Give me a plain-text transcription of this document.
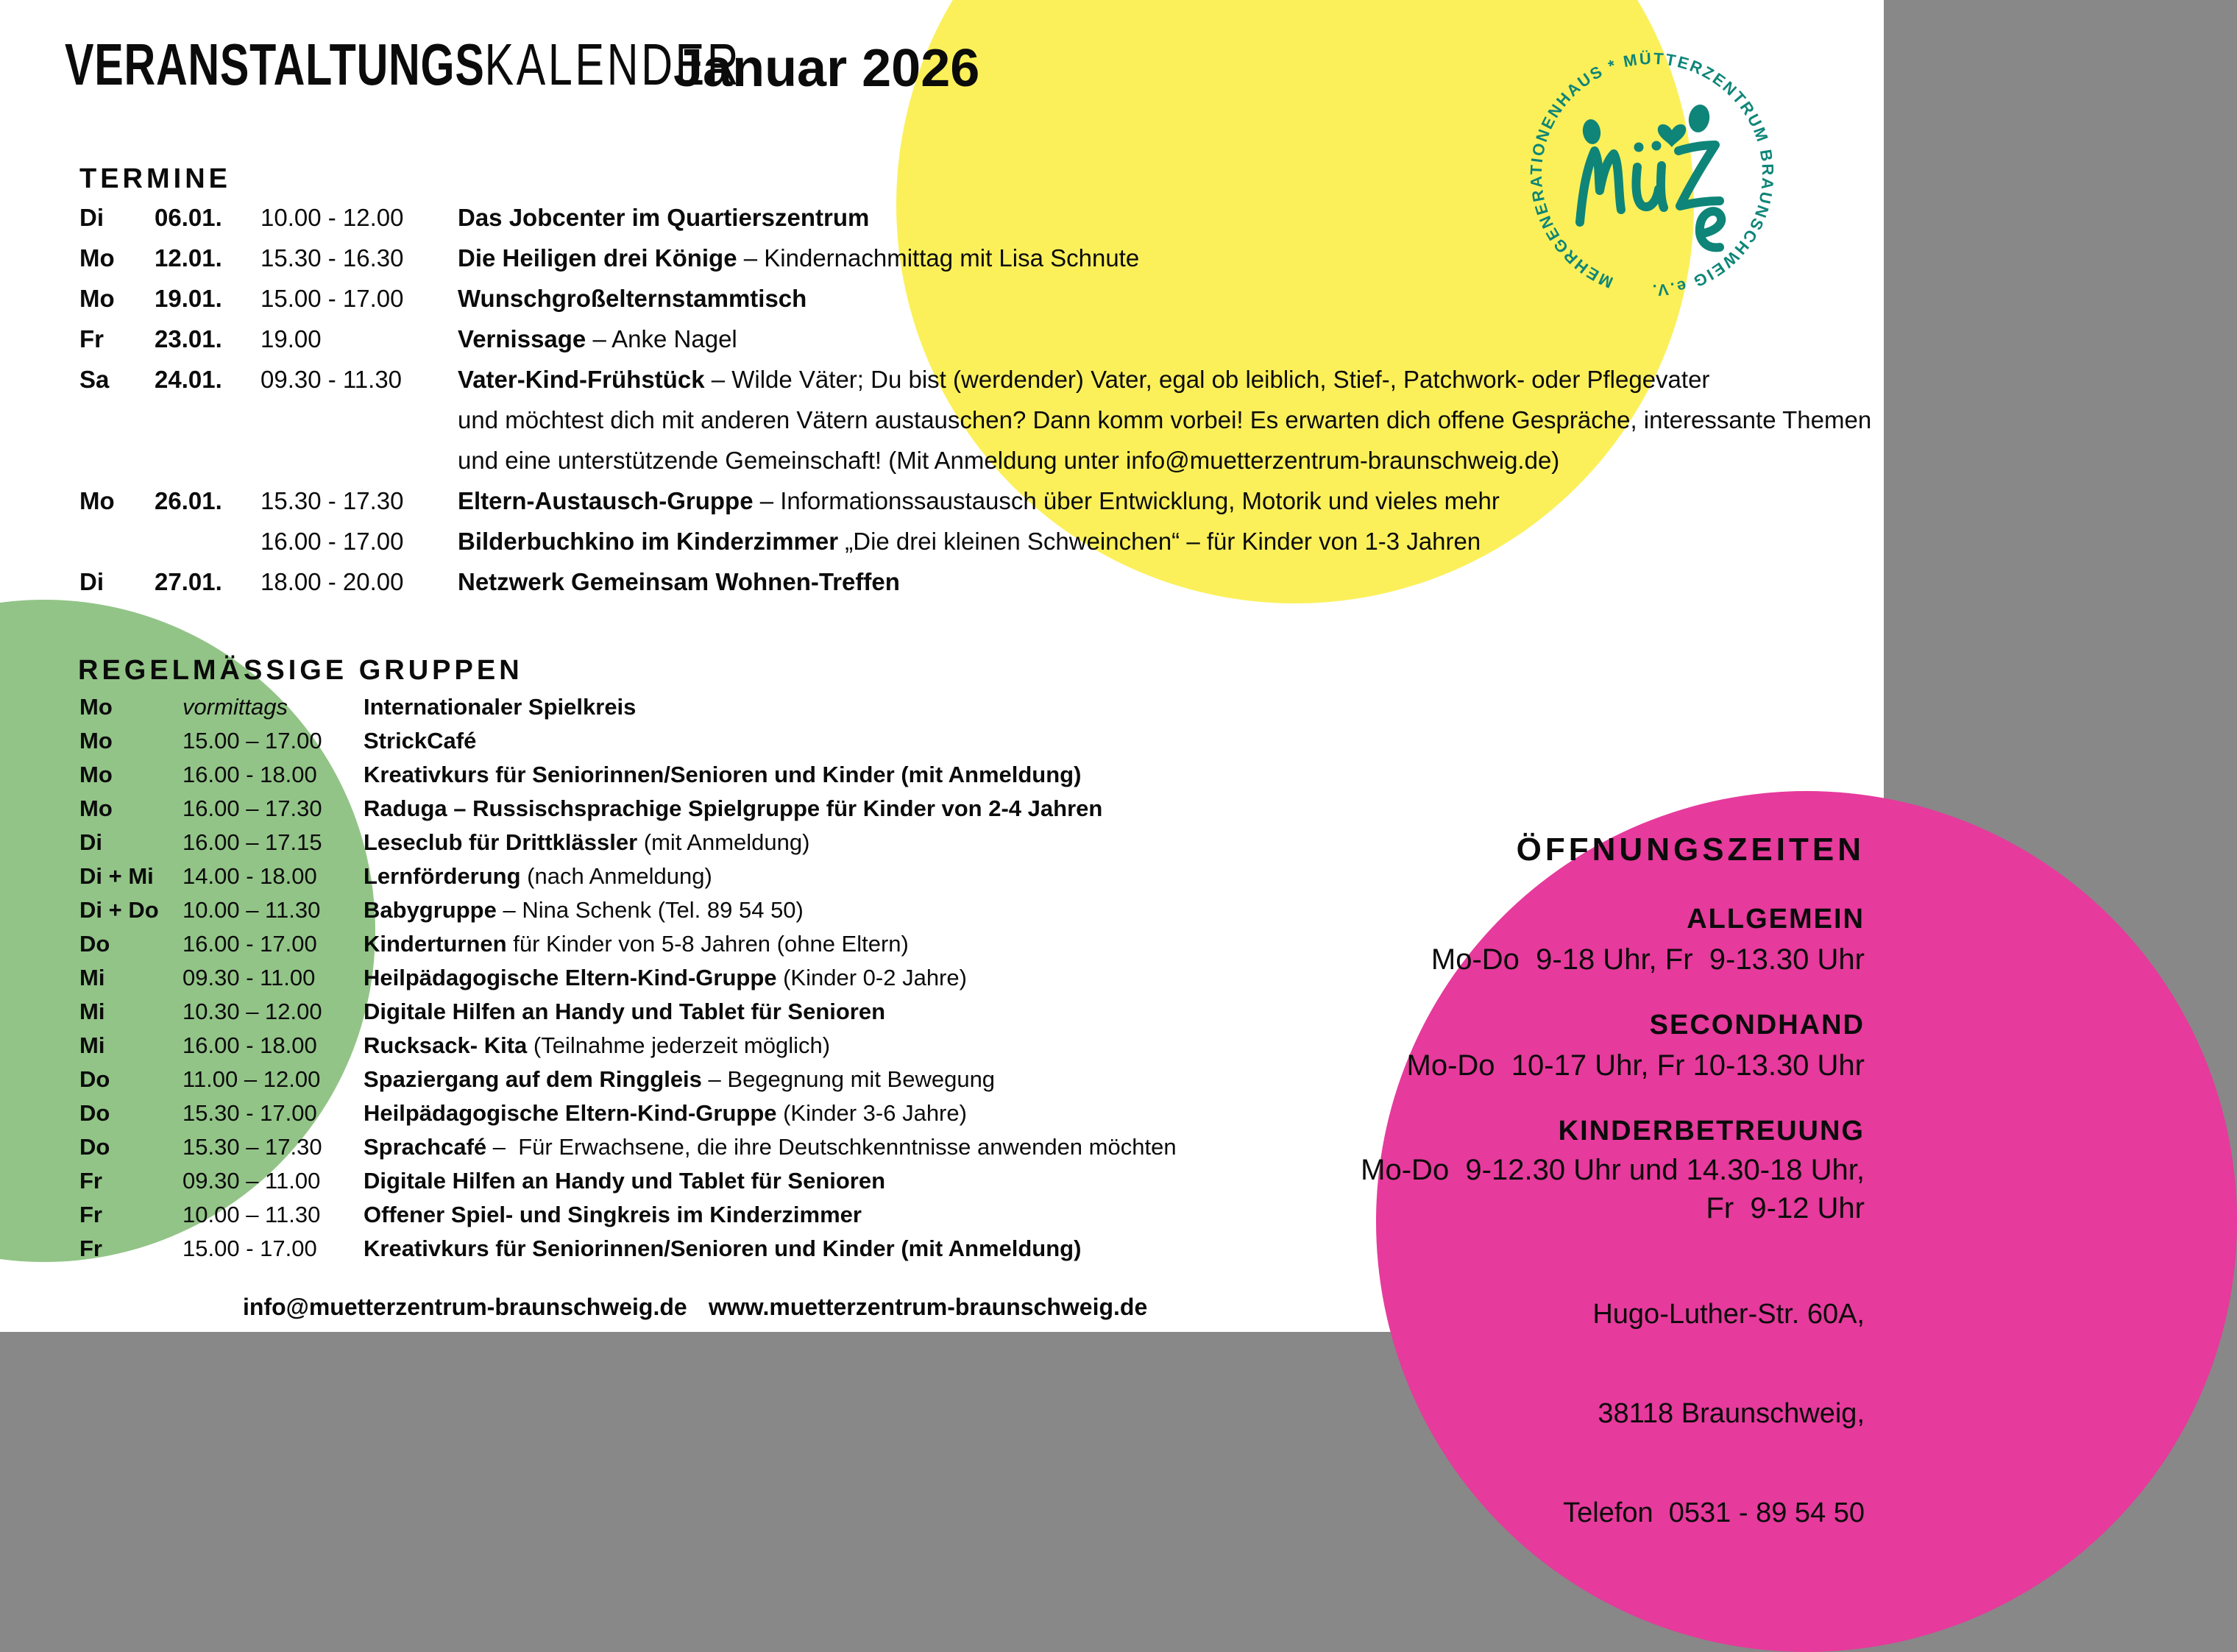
VERANSTALTUNGSKALENDER
Januar 2026
MEHRGENERATIONENHAUS * MÜTTERZENTRUM BRAUNSCHWEIG e.V.
TERMINE
Di	06.01.	10.00 - 12.00	Das Jobcenter im Quartierszentrum
Mo	12.01.	15.30 - 16.30	Die Heiligen drei Könige – Kindernachmittag mit Lisa Schnute
Mo	19.01.	15.00 - 17.00	Wunschgroßelternstammtisch
Fr	23.01.	19.00	Vernissage – Anke Nagel
Sa	24.01.	09.30 - 11.30	Vater-Kind-Frühstück – Wilde Väter; Du bist (werdender) Vater, egal ob leiblich, Stief-, Patchwork- oder Pflegevater
und möchtest dich mit anderen Vätern austauschen? Dann komm vorbei! Es erwarten dich offene Gespräche, interessante Themen
und eine unterstützende Gemeinschaft! (Mit Anmeldung unter info@muetterzentrum-braunschweig.de)
Mo	26.01.	15.30 - 17.30	Eltern-Austausch-Gruppe – Informationssaustausch über Entwicklung, Motorik und vieles mehr
16.00 - 17.00	Bilderbuchkino im Kinderzimmer „Die drei kleinen Schweinchen“ – für Kinder von 1-3 Jahren
Di	27.01.	18.00 - 20.00	Netzwerk Gemeinsam Wohnen-Treffen
REGELMÄSSIGE GRUPPEN
Mo	vormittags	Internationaler Spielkreis
Mo	15.00 – 17.00	StrickCafé
Mo	16.00 - 18.00	Kreativkurs für Seniorinnen/Senioren und Kinder (mit Anmeldung)
Mo	16.00 – 17.30	Raduga – Russischsprachige Spielgruppe für Kinder von 2-4 Jahren
Di	16.00 – 17.15	Leseclub für Drittklässler (mit Anmeldung)
Di + Mi	14.00 - 18.00	Lernförderung (nach Anmeldung)
Di + Do	10.00 – 11.30	Babygruppe – Nina Schenk (Tel. 89 54 50)
Do	16.00 - 17.00	Kinderturnen für Kinder von 5-8 Jahren (ohne Eltern)
Mi	09.30 - 11.00	Heilpädagogische Eltern-Kind-Gruppe (Kinder 0-2 Jahre)
Mi	10.30 – 12.00	Digitale Hilfen an Handy und Tablet für Senioren
Mi	16.00 - 18.00	Rucksack- Kita (Teilnahme jederzeit möglich)
Do	11.00 – 12.00	Spaziergang auf dem Ringgleis – Begegnung mit Bewegung
Do	15.30 - 17.00	Heilpädagogische Eltern-Kind-Gruppe (Kinder 3-6 Jahre)
Do	15.30 – 17.30	Sprachcafé –  Für Erwachsene, die ihre Deutschkenntnisse anwenden möchten
Fr	09.30 – 11.00	Digitale Hilfen an Handy und Tablet für Senioren
Fr	10.00 – 11.30	Offener Spiel- und Singkreis im Kinderzimmer
Fr	15.00 - 17.00	Kreativkurs für Seniorinnen/Senioren und Kinder (mit Anmeldung)
ÖFFNUNGSZEITEN
ALLGEMEIN
Mo-Do  9-18 Uhr, Fr  9-13.30 Uhr
SECONDHAND
Mo-Do  10-17 Uhr, Fr 10-13.30 Uhr
KINDERBETREUUNG
Mo-Do  9-12.30 Uhr und 14.30-18 Uhr,
Fr  9-12 Uhr

Hugo-Luther-Str. 60A,

38118 Braunschweig,

Telefon  0531 - 89 54 50

info@muetterzentrum-braunschweig.de www.muetterzentrum-braunschweig.de
